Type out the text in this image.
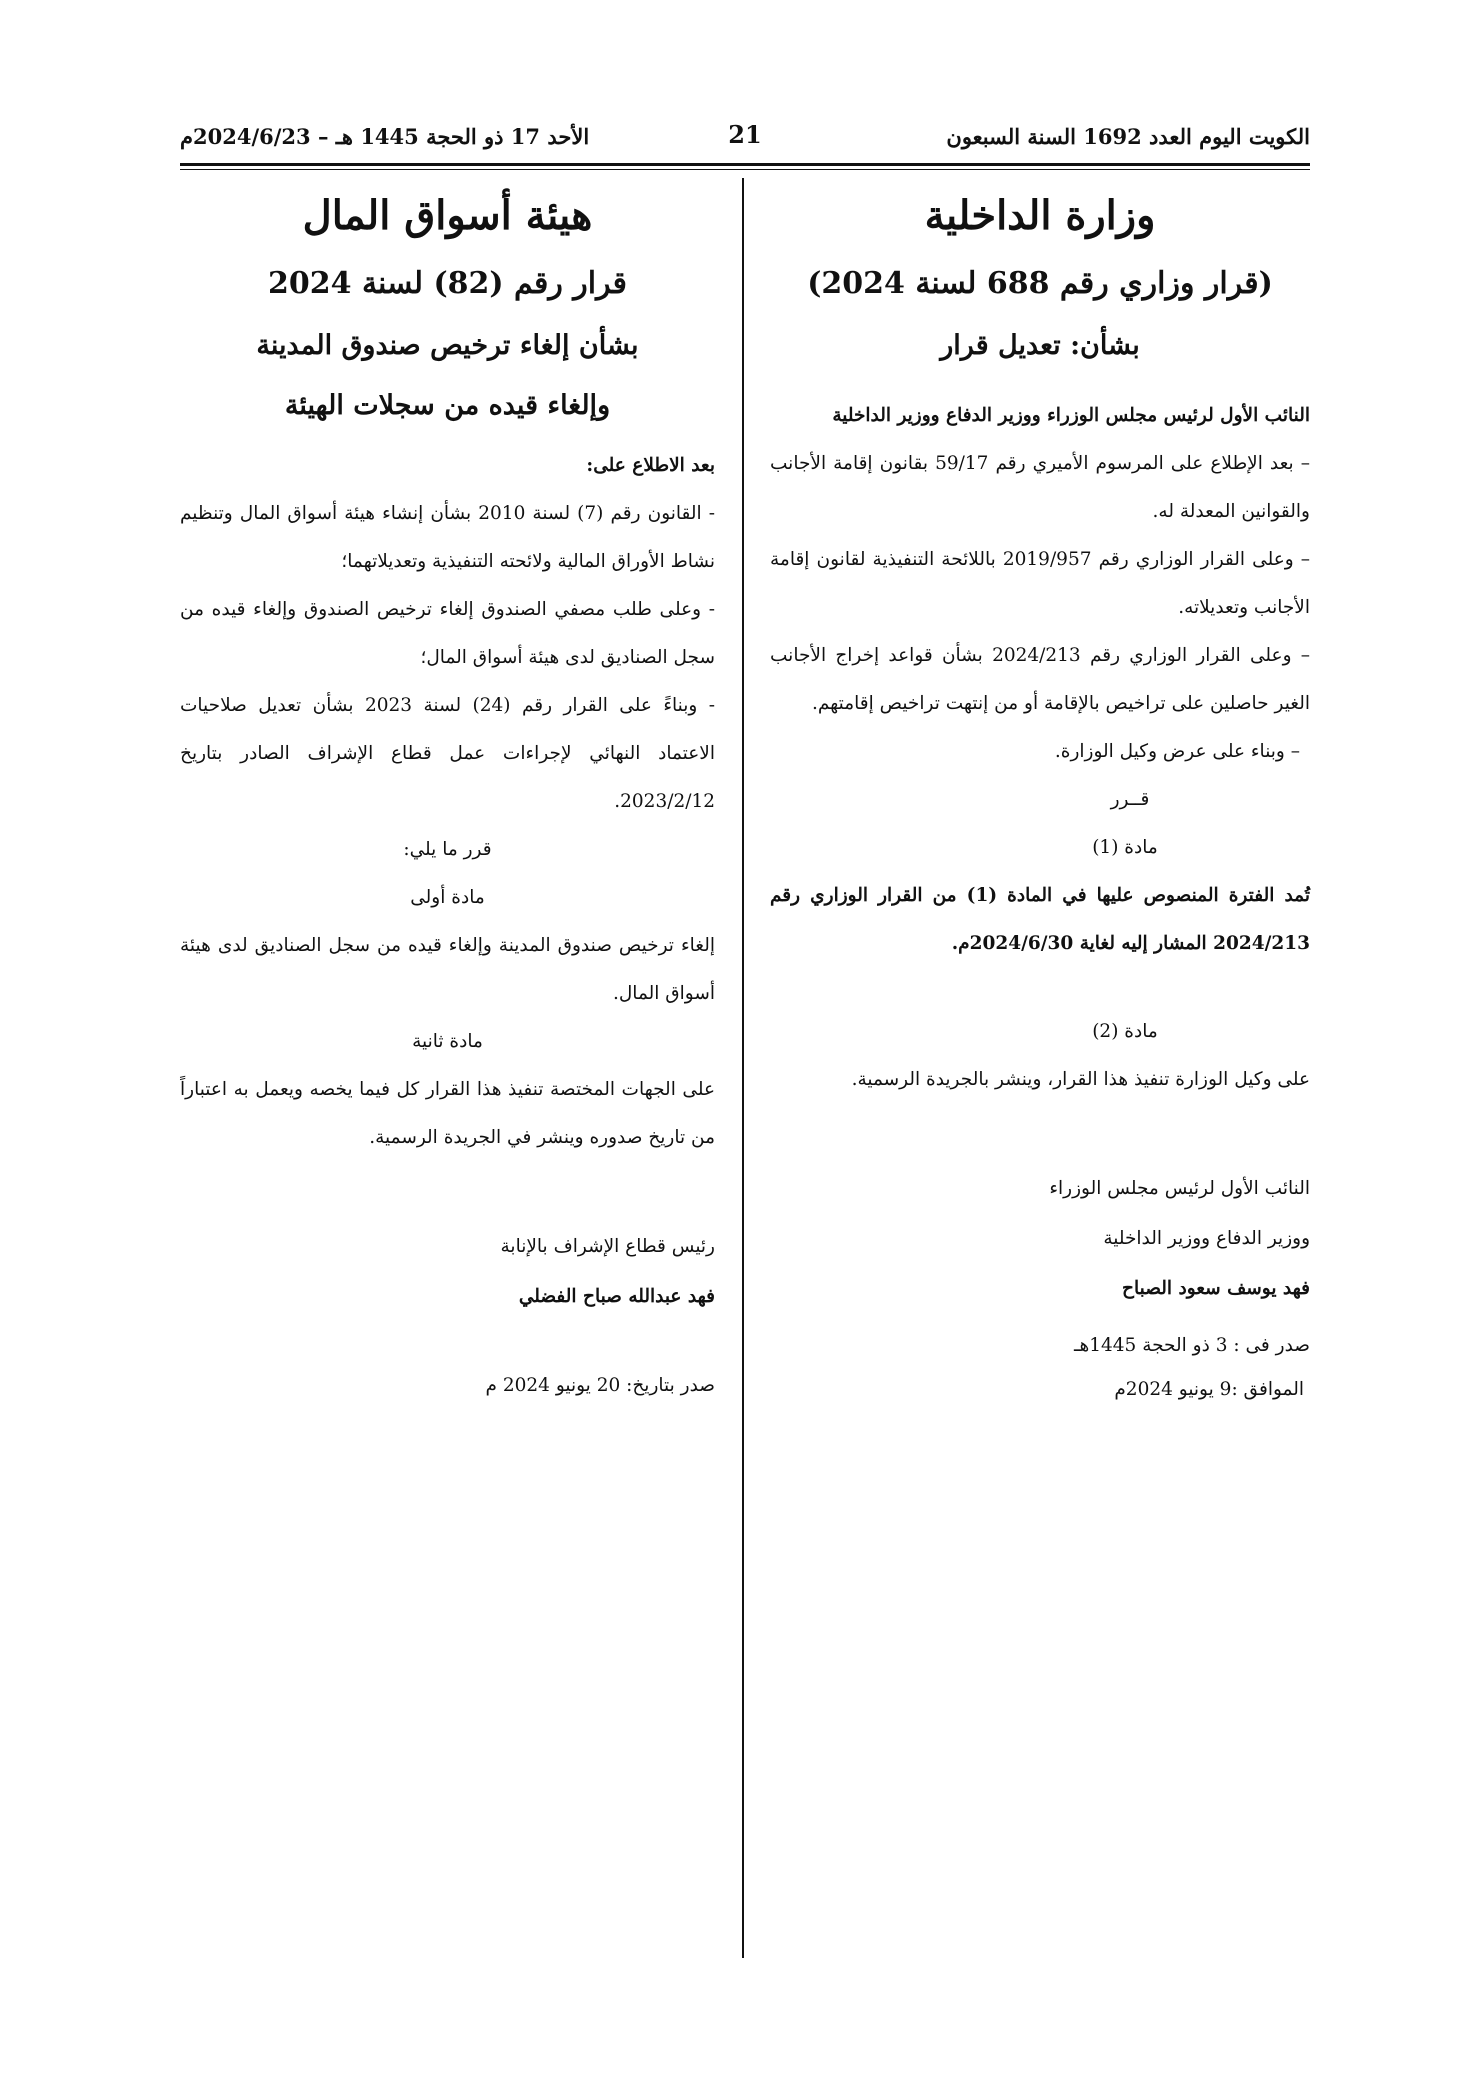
الكويت اليوم العدد 1692 السنة السبعون
21
الأحد 17 ذو الحجة 1445 هـ – 2024/6/23م
وزارة الداخلية
(قرار وزاري رقم 688 لسنة 2024)
بشأن: تعديل قرار

النائب الأول لرئيس مجلس الوزراء ووزير الدفاع ووزير الداخلية

– بعد الإطلاع على المرسوم الأميري رقم 59/17 بقانون إقامة الأجانب والقوانين المعدلة له.

– وعلى القرار الوزاري رقم 2019/957 باللائحة التنفيذية لقانون إقامة الأجانب وتعديلاته.

– وعلى القرار الوزاري رقم 2024/213 بشأن قواعد إخراج الأجانب الغير حاصلين على تراخيص بالإقامة أو من إنتهت تراخيص إقامتهم.

– وبناء على عرض وكيل الوزارة.

قــرر

مادة (1)

تُمد الفترة المنصوص عليها في المادة (1) من القرار الوزاري رقم 2024/213 المشار إليه لغاية 2024/6/30م.

مادة (2)

على وكيل الوزارة تنفيذ هذا القرار، وينشر بالجريدة الرسمية.

النائب الأول لرئيس مجلس الوزراء

ووزير الدفاع ووزير الداخلية

فهد يوسف سعود الصباح

صدر فى : 3 ذو الحجة 1445هـ

الموافق :9 يونيو 2024م

هيئة أسواق المال
قرار رقم (82) لسنة 2024
بشأن إلغاء ترخيص صندوق المدينة
وإلغاء قيده من سجلات الهيئة

بعد الاطلاع على:

- القانون رقم (7) لسنة 2010 بشأن إنشاء هيئة أسواق المال وتنظيم نشاط الأوراق المالية ولائحته التنفيذية وتعديلاتهما؛

- وعلى طلب مصفي الصندوق إلغاء ترخيص الصندوق وإلغاء قيده من سجل الصناديق لدى هيئة أسواق المال؛

- وبناءً على القرار رقم (24) لسنة 2023 بشأن تعديل صلاحيات الاعتماد النهائي لإجراءات عمل قطاع الإشراف الصادر بتاريخ 2023/2/12.

قرر ما يلي:

مادة أولى

إلغاء ترخيص صندوق المدينة وإلغاء قيده من سجل الصناديق لدى هيئة أسواق المال.

مادة ثانية

على الجهات المختصة تنفيذ هذا القرار كل فيما يخصه ويعمل به اعتباراً من تاريخ صدوره وينشر في الجريدة الرسمية.

رئيس قطاع الإشراف بالإنابة

فهد عبدالله صباح الفضلي

صدر بتاريخ: 20 يونيو 2024 م
